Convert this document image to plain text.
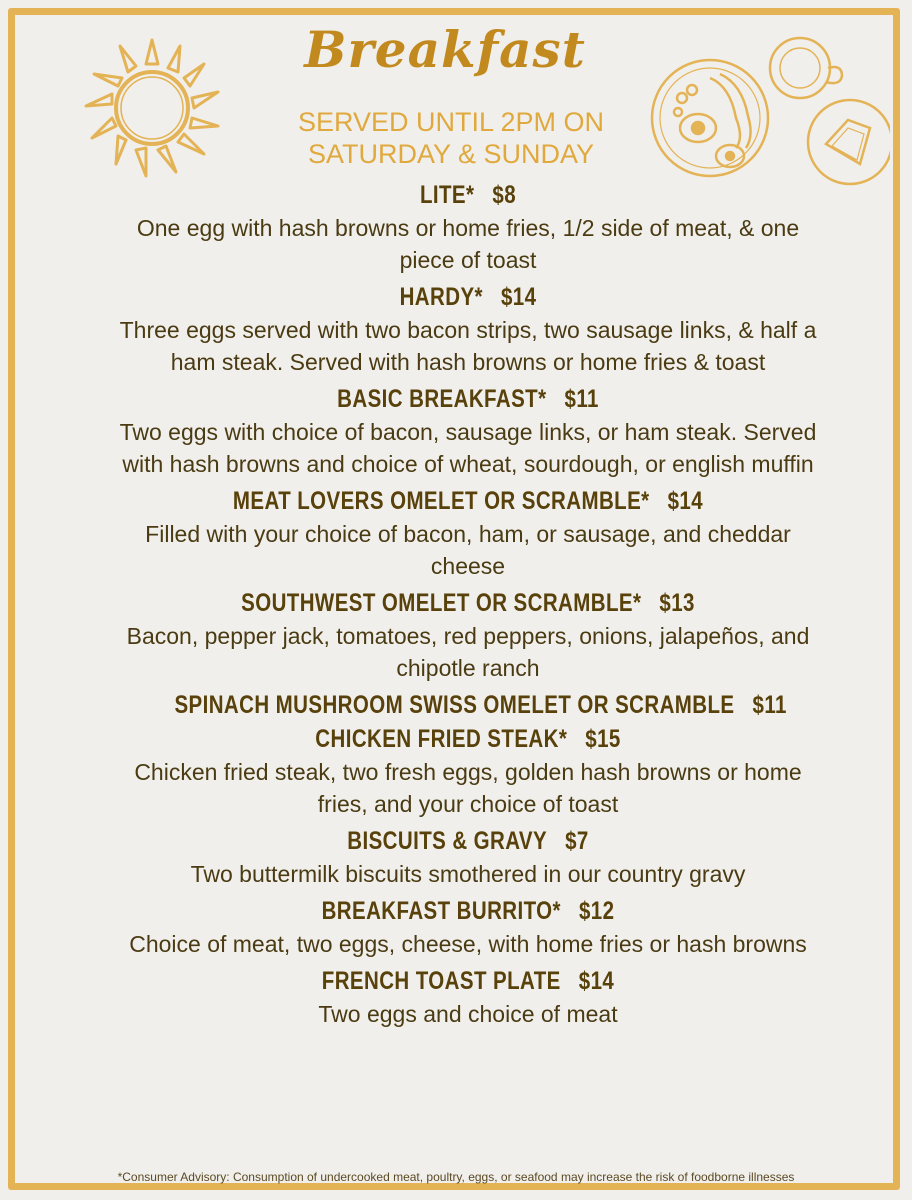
Breakfast
SERVED UNTIL 2PM ON
SATURDAY & SUNDAY
LITE* $8
One egg with hash browns or home fries, 1/2 side of meat, & one piece of toast
HARDY* $14
Three eggs served with two bacon strips, two sausage links, & half a ham steak. Served with hash browns or home fries & toast
BASIC BREAKFAST* $11
Two eggs with choice of bacon, sausage links, or ham steak. Served with hash browns and choice of wheat, sourdough, or english muffin
MEAT LOVERS OMELET OR SCRAMBLE* $14
Filled with your choice of bacon, ham, or sausage, and cheddar cheese
SOUTHWEST OMELET OR SCRAMBLE* $13
Bacon, pepper jack, tomatoes, red peppers, onions, jalapeños, and chipotle ranch
SPINACH MUSHROOM SWISS OMELET OR SCRAMBLE $11
CHICKEN FRIED STEAK* $15
Chicken fried steak, two fresh eggs, golden hash browns or home fries, and your choice of toast
BISCUITS & GRAVY $7
Two buttermilk biscuits smothered in our country gravy
BREAKFAST BURRITO* $12
Choice of meat, two eggs, cheese, with home fries or hash browns
FRENCH TOAST PLATE $14
Two eggs and choice of meat
*Consumer Advisory: Consumption of undercooked meat, poultry, eggs, or seafood may increase the risk of foodborne illnesses
